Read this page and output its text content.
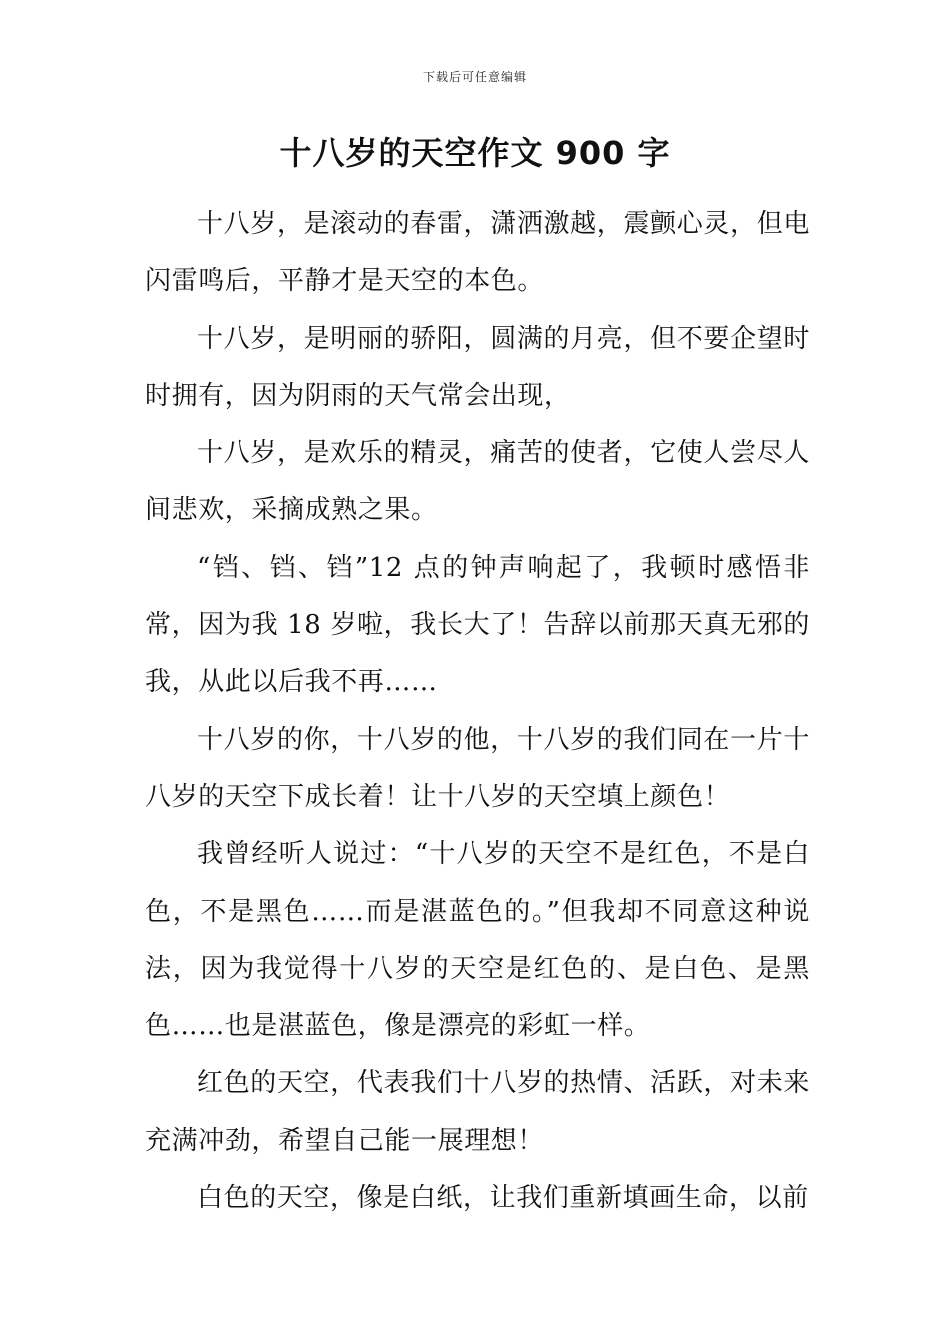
下载后可任意编辑
十八岁的天空作文 900 字

十八岁，是滚动的春雷，潇洒激越，震颤心灵，但电闪雷鸣后，平静才是天空的本色。

十八岁，是明丽的骄阳，圆满的月亮，但不要企望时时拥有，因为阴雨的天气常会出现，

十八岁，是欢乐的精灵，痛苦的使者，它使人尝尽人间悲欢，采摘成熟之果。

“铛、铛、铛”12 点的钟声响起了，我顿时感悟非常，因为我 18 岁啦，我长大了！告辞以前那天真无邪的我，从此以后我不再……

十八岁的你，十八岁的他，十八岁的我们同在一片十八岁的天空下成长着！让十八岁的天空填上颜色！

我曾经听人说过：“十八岁的天空不是红色，不是白色，不是黑色……而是湛蓝色的。”但我却不同意这种说法，因为我觉得十八岁的天空是红色的、是白色、是黑色……也是湛蓝色，像是漂亮的彩虹一样。

红色的天空，代表我们十八岁的热情、活跃，对未来充满冲劲，希望自己能一展理想！

白色的天空，像是白纸，让我们重新填画生命，以前
